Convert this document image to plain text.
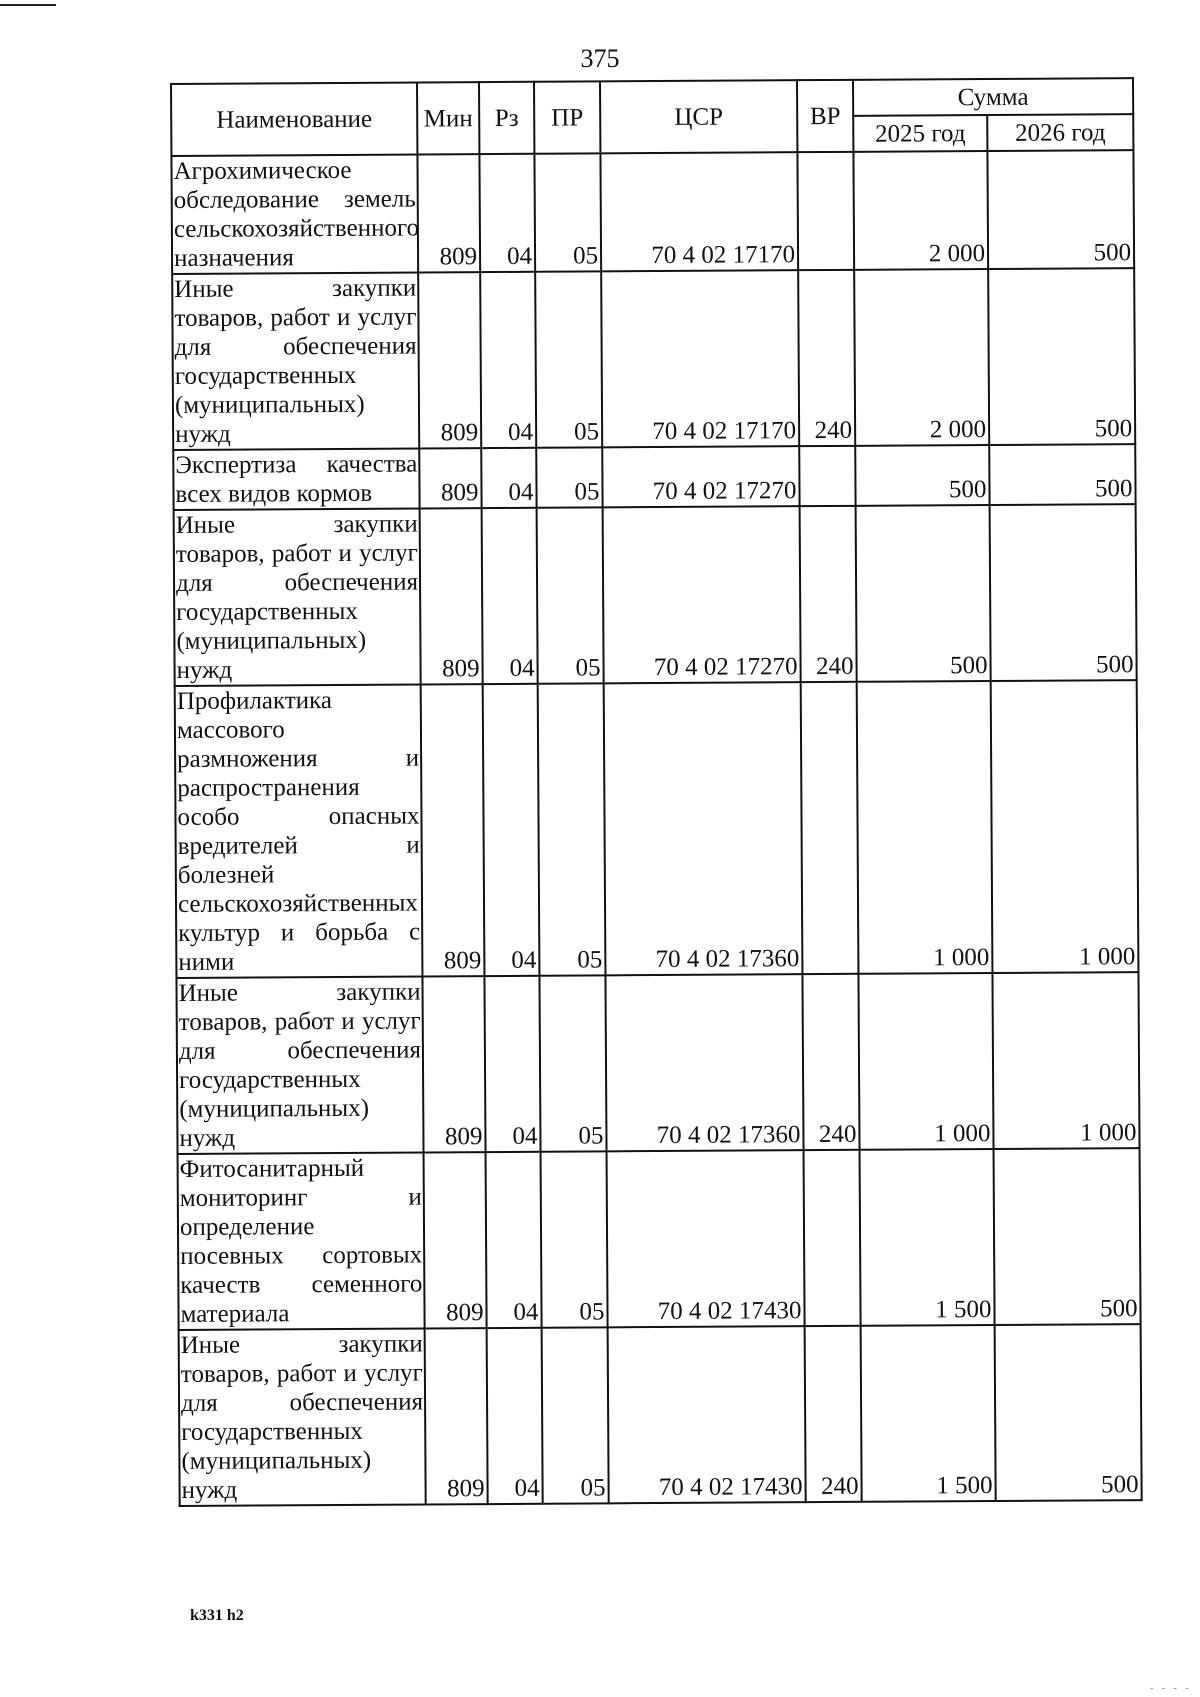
375
Наименование	Мин	Рз	ПР	ЦСР	ВР	Сумма	
						2025 год	2026 год
Агрохимическое обследование земель сельскохозяйственного назначения	809	04	05	70 4 02 17170		2 000	500
Иные закупки товаров, работ и услуг для обеспечения государственных (муниципальных) нужд	809	04	05	70 4 02 17170	240	2 000	500
Экспертиза качества всех видов кормов	809	04	05	70 4 02 17270		500	500
Иные закупки товаров, работ и услуг для обеспечения государственных (муниципальных) нужд	809	04	05	70 4 02 17270	240	500	500
Профилактика массового размножения и распространения особо опасных вредителей и болезней сельскохозяйственных культур и борьба с ними	809	04	05	70 4 02 17360		1 000	1 000
Иные закупки товаров, работ и услуг для обеспечения государственных (муниципальных) нужд	809	04	05	70 4 02 17360	240	1 000	1 000
Фитосанитарный мониторинг и определение посевных сортовых качеств семенного материала	809	04	05	70 4 02 17430		1 500	500
Иные закупки товаров, работ и услуг для обеспечения государственных (муниципальных) нужд	809	04	05	70 4 02 17430	240	1 500	500
k331 h2
- - - -
